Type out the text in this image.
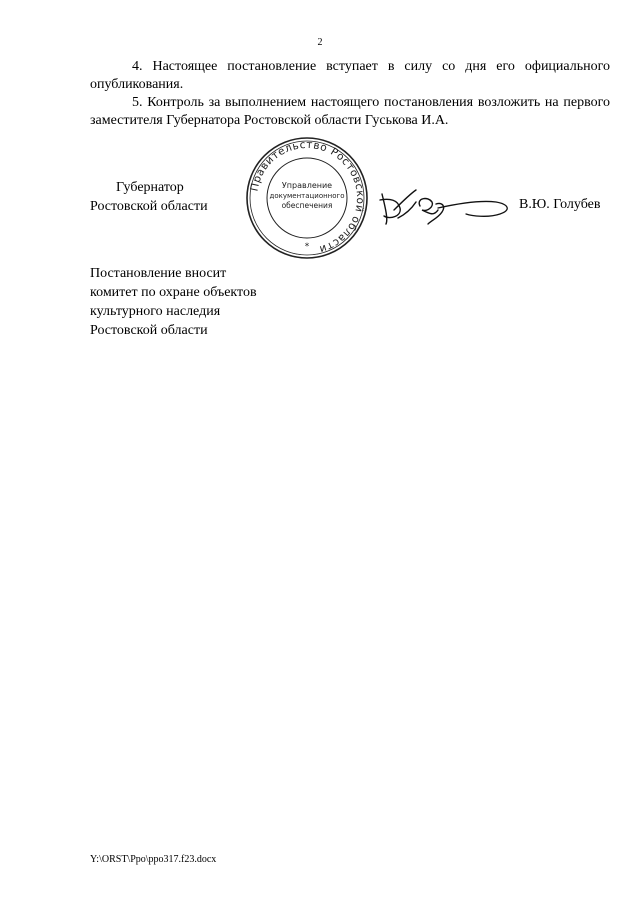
2
4. Настоящее постановление вступает в силу со дня его официального опубликования.
5. Контроль за выполнением настоящего постановления возложить на первого заместителя Губернатора Ростовской области Гуськова И.А.
Губернатор
Ростовской области
Правительство Ростовской области
Управление
документационного
обеспечения
*
В.Ю. Голубев
Постановление вносит
комитет по охране объектов
культурного наследия
Ростовской области
Y:\ORST\Ppo\ppo317.f23.docx
